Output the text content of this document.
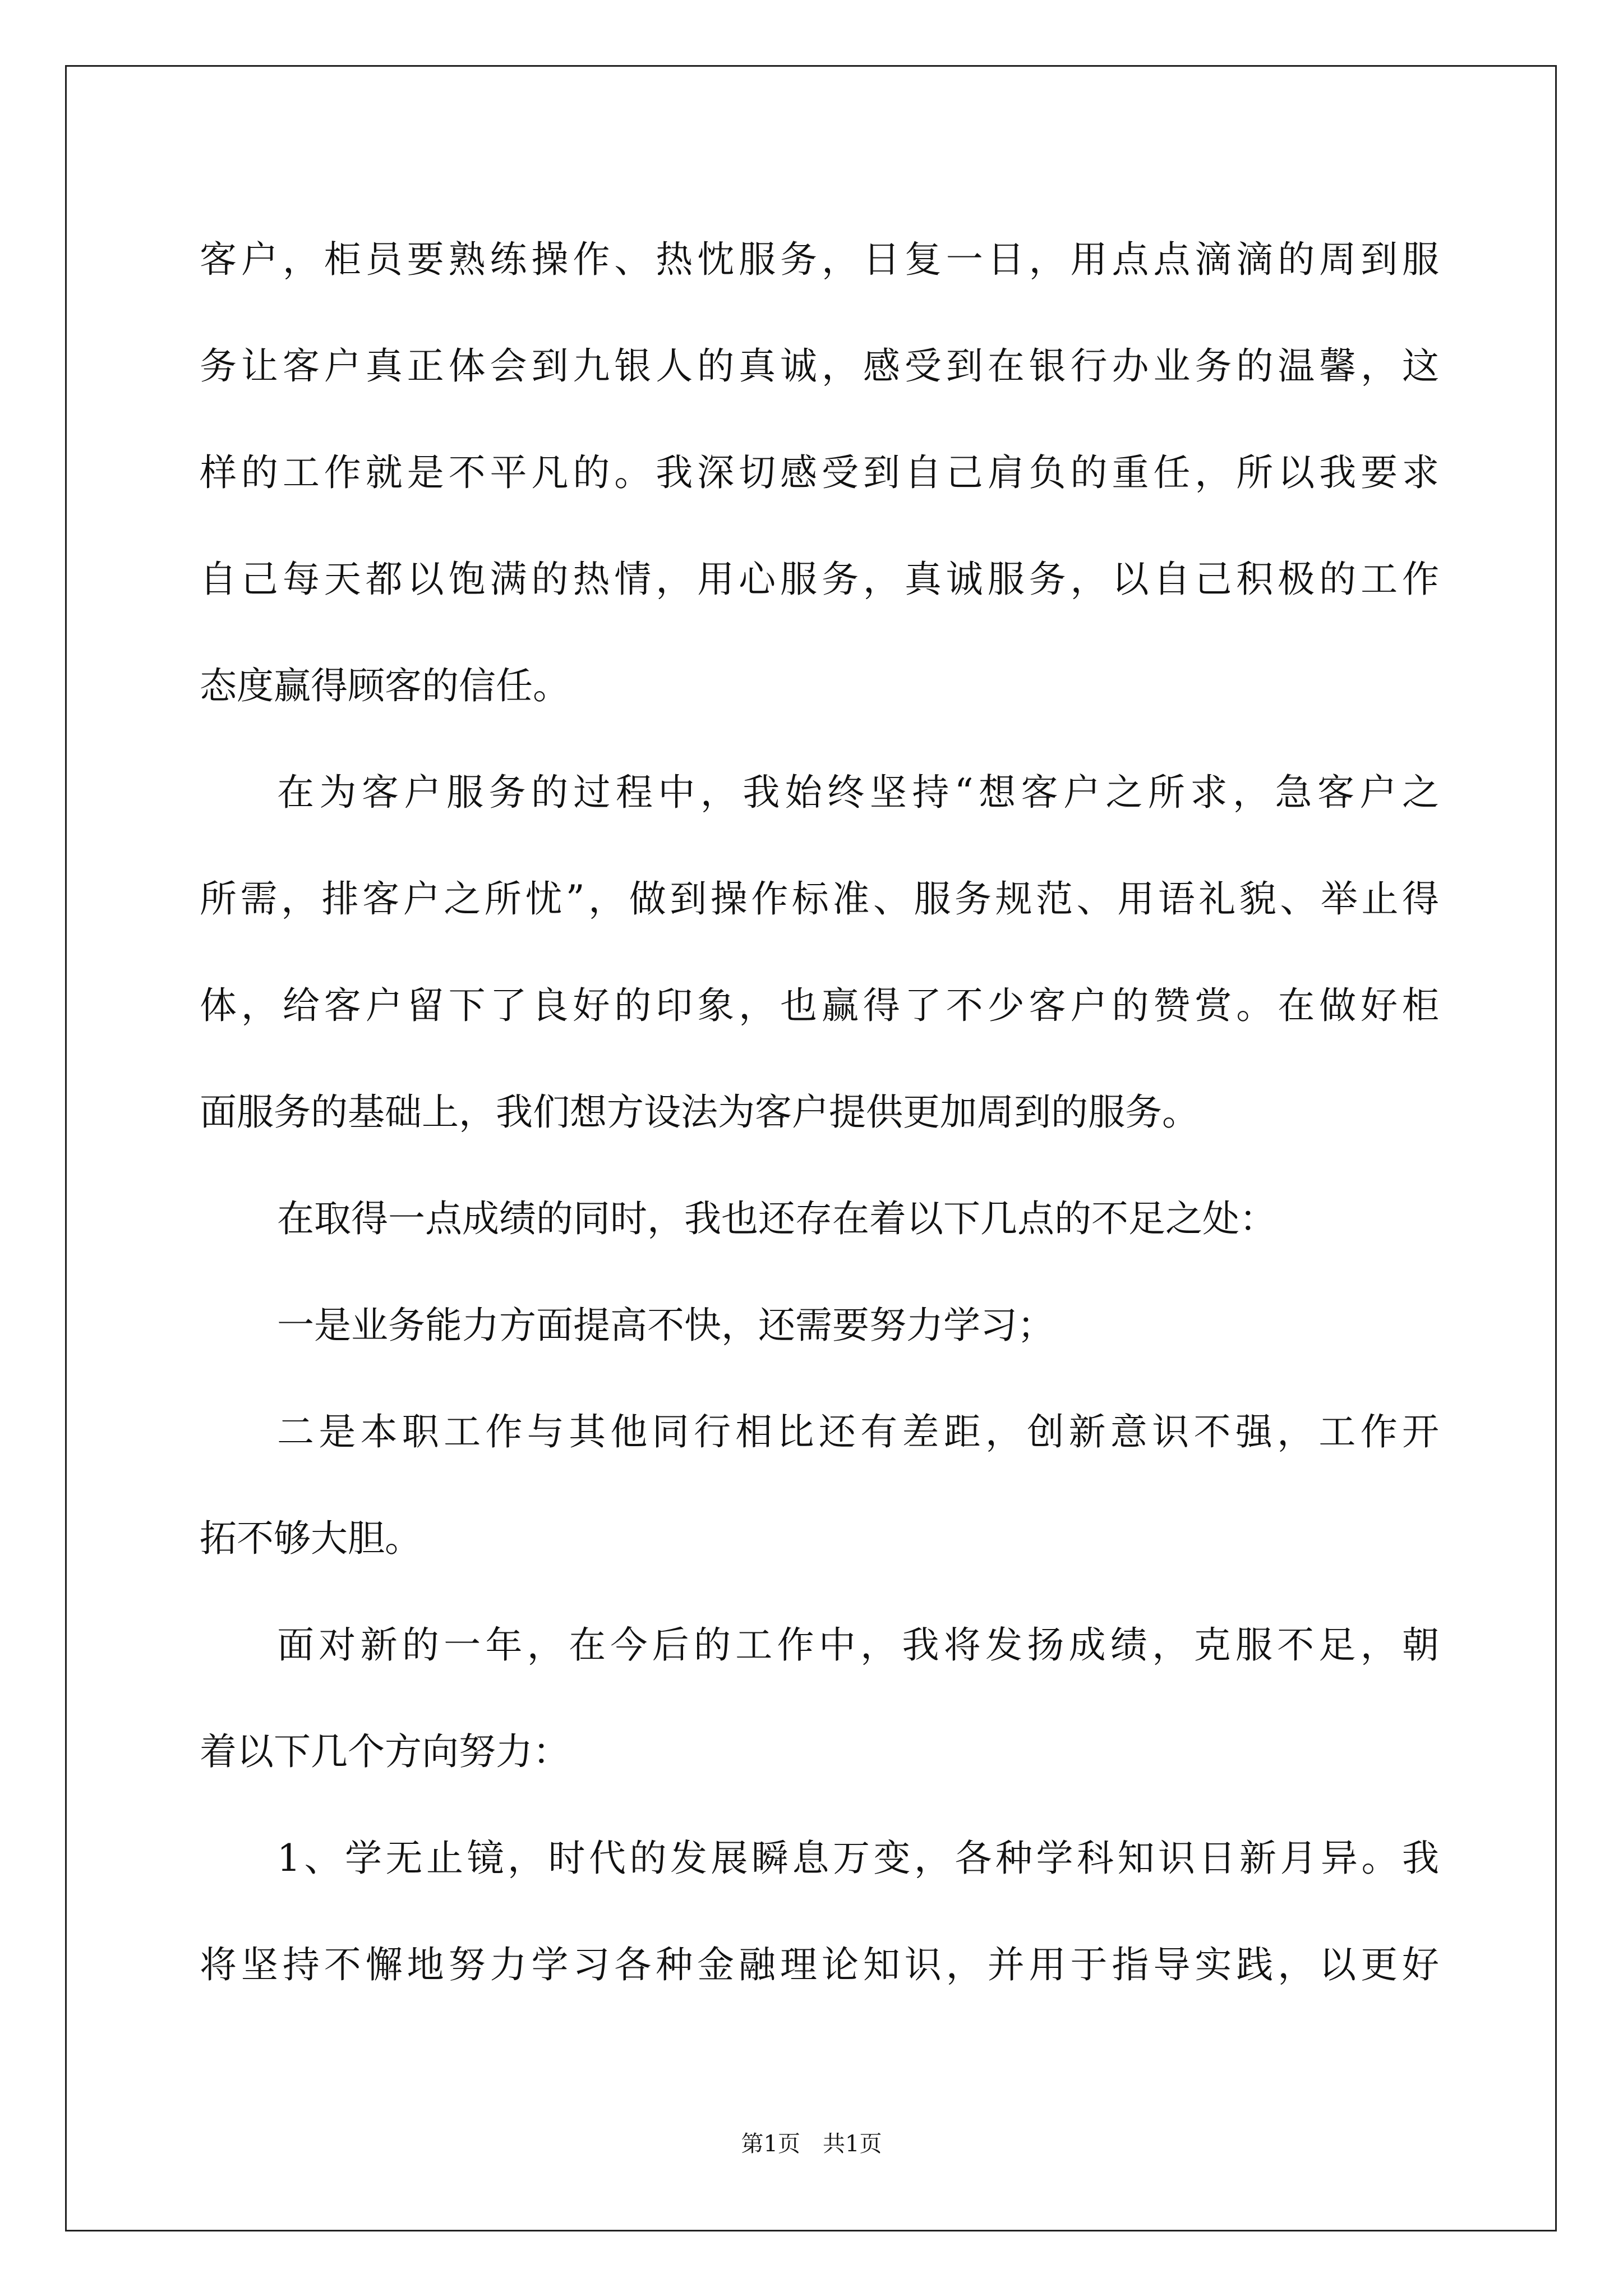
客户，柜员要熟练操作、热忱服务，日复一日，用点点滴滴的周到服
务让客户真正体会到九银人的真诚，感受到在银行办业务的温馨，这
样的工作就是不平凡的。我深切感受到自己肩负的重任，所以我要求
自己每天都以饱满的热情，用心服务，真诚服务，以自己积极的工作
态度赢得顾客的信任。
在为客户服务的过程中，我始终坚持“想客户之所求，急客户之
所需，排客户之所忧”，做到操作标准、服务规范、用语礼貌、举止得
体，给客户留下了良好的印象，也赢得了不少客户的赞赏。在做好柜
面服务的基础上，我们想方设法为客户提供更加周到的服务。
在取得一点成绩的同时，我也还存在着以下几点的不足之处：
一是业务能力方面提高不快，还需要努力学习；
二是本职工作与其他同行相比还有差距，创新意识不强，工作开
拓不够大胆。
面对新的一年，在今后的工作中，我将发扬成绩，克服不足，朝
着以下几个方向努力：
1、学无止镜，时代的发展瞬息万变，各种学科知识日新月异。我
将坚持不懈地努力学习各种金融理论知识，并用于指导实践，以更好
第1页　共1页
